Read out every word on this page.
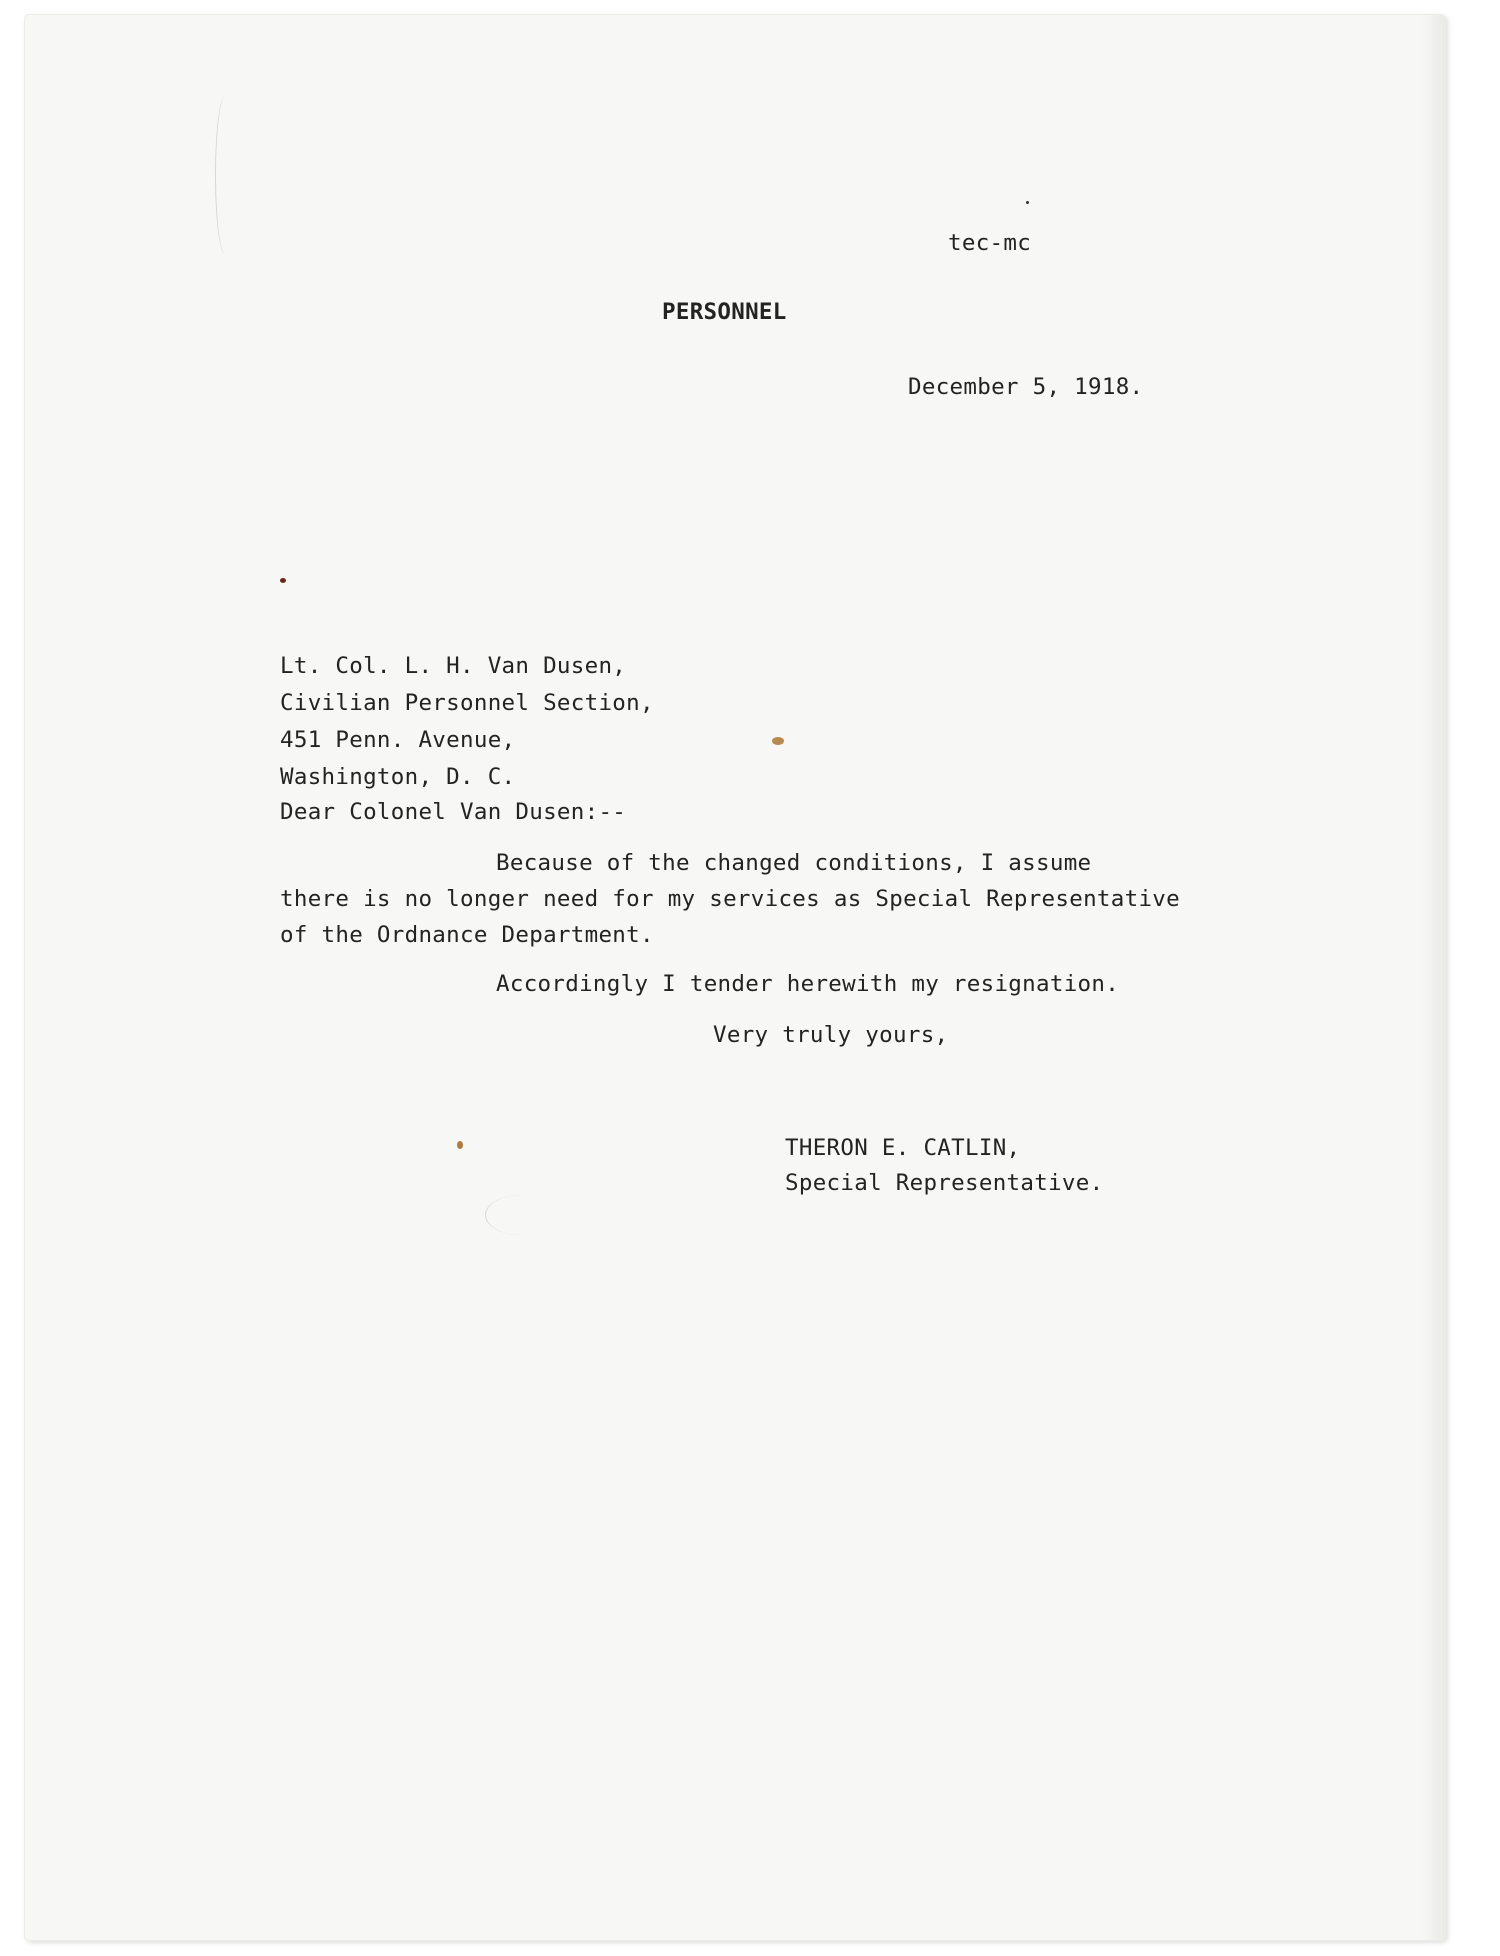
tec-mc

PERSONNEL

December 5, 1918.

Lt. Col. L. H. Van Dusen,

Civilian Personnel Section,

451 Penn. Avenue,

Washington, D. C.

Dear Colonel Van Dusen:--

Because of the changed conditions, I assume

there is no longer need for my services as Special Representative

of the Ordnance Department.

Accordingly I tender herewith my resignation.

Very truly yours,

THERON E. CATLIN,

Special Representative.
